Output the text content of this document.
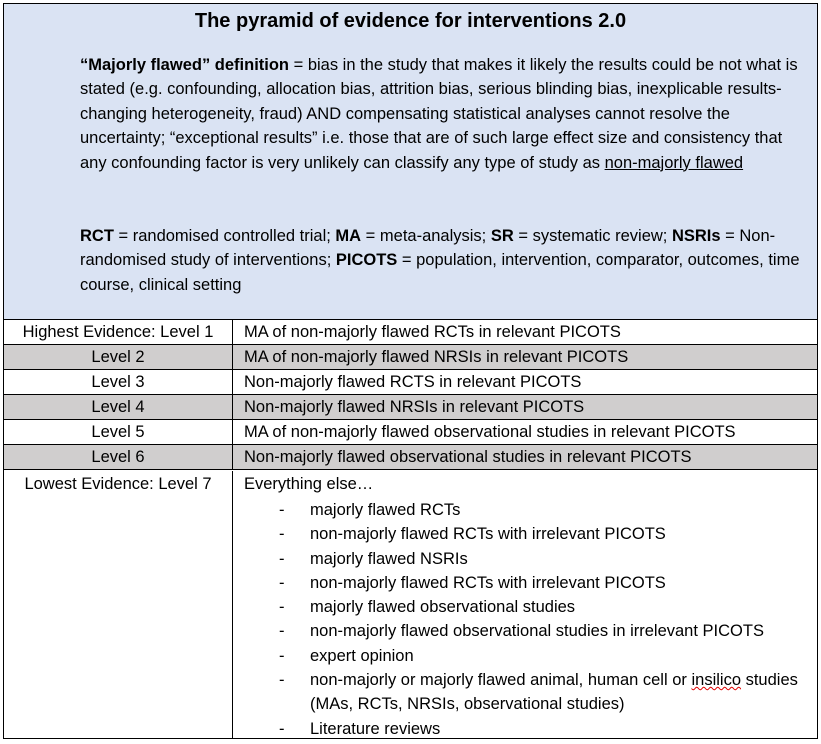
The pyramid of evidence for interventions 2.0

“Majorly flawed” definition = bias in the study that makes it likely the results could be not what is stated (e.g. confounding, allocation bias, attrition bias, serious blinding bias, inexplicable results-changing heterogeneity, fraud) AND compensating statistical analyses cannot resolve the uncertainty; “exceptional results” i.e. those that are of such large effect size and consistency that any confounding factor is very unlikely can classify any type of study as non-majorly flawed

RCT = randomised controlled trial; MA = meta-analysis; SR = systematic review; NSRIs = Non-randomised study of interventions; PICOTS = population, intervention, comparator, outcomes, time course, clinical setting

Highest Evidence: Level 1	MA of non-majorly flawed RCTs in relevant PICOTS
Level 2	MA of non-majorly flawed NRSIs in relevant PICOTS
Level 3	Non-majorly flawed RCTS in relevant PICOTS
Level 4	Non-majorly flawed NRSIs in relevant PICOTS
Level 5	MA of non-majorly flawed observational studies in relevant PICOTS
Level 6	Non-majorly flawed observational studies in relevant PICOTS
Lowest Evidence: Level 7	Everything else…
- majorly flawed RCTs
- non-majorly flawed RCTs with irrelevant PICOTS
- majorly flawed NSRIs
- non-majorly flawed RCTs with irrelevant PICOTS
- majorly flawed observational studies
- non-majorly flawed observational studies in irrelevant PICOTS
- expert opinion
- non-majorly or majorly flawed animal, human cell or insilico studies (MAs, RCTs, NRSIs, observational studies)
- Literature reviews
